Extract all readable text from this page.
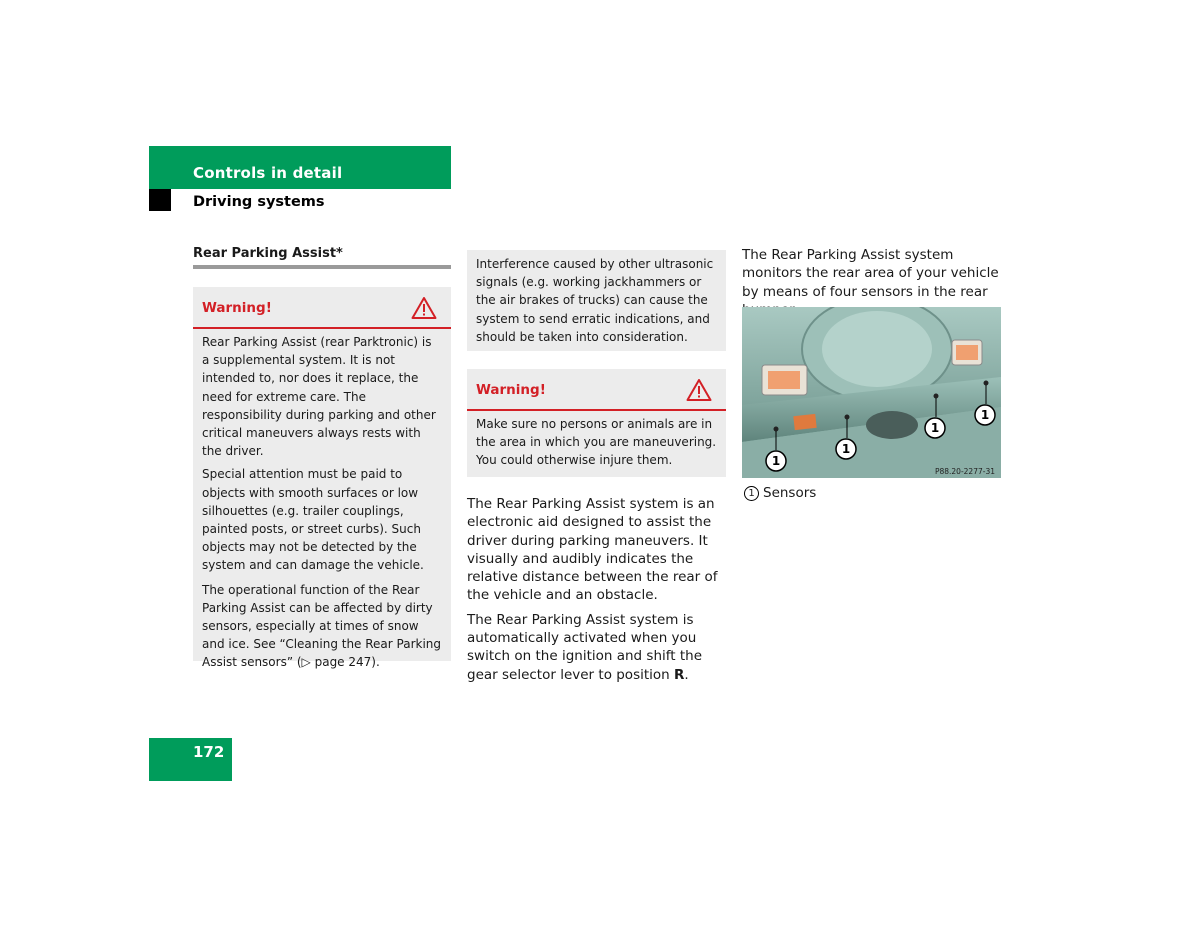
Controls in detail
Driving systems
Rear Parking Assist*
Warning!

Rear Parking Assist (rear Parktronic) is a supplemental system. It is not intended to, nor does it replace, the need for extreme care. The responsibility during parking and other critical maneuvers always rests with the driver.

Special attention must be paid to objects with smooth surfaces or low silhouettes (e.g. trailer couplings, painted posts, or street curbs). Such objects may not be detected by the system and can damage the vehicle.

The operational function of the Rear Parking Assist can be affected by dirty sensors, especially at times of snow and ice. See “Cleaning the Rear Parking Assist sensors” (▷ page 247).

Interference caused by other ultrasonic signals (e.g. working jackhammers or the air brakes of trucks) can cause the system to send erratic indications, and should be taken into consideration.

Warning!

Make sure no persons or animals are in the area in which you are maneuvering. You could otherwise injure them.

The Rear Parking Assist system is an electronic aid designed to assist the driver during parking maneuvers. It visually and audibly indicates the relative distance between the rear of the vehicle and an obstacle.

The Rear Parking Assist system is automatically activated when you switch on the ignition and shift the gear selector lever to position R.

The Rear Parking Assist system monitors the rear area of your vehicle by means of four sensors in the rear

1
1
1
1
P88.20-2277-31
1 Sensors
172
